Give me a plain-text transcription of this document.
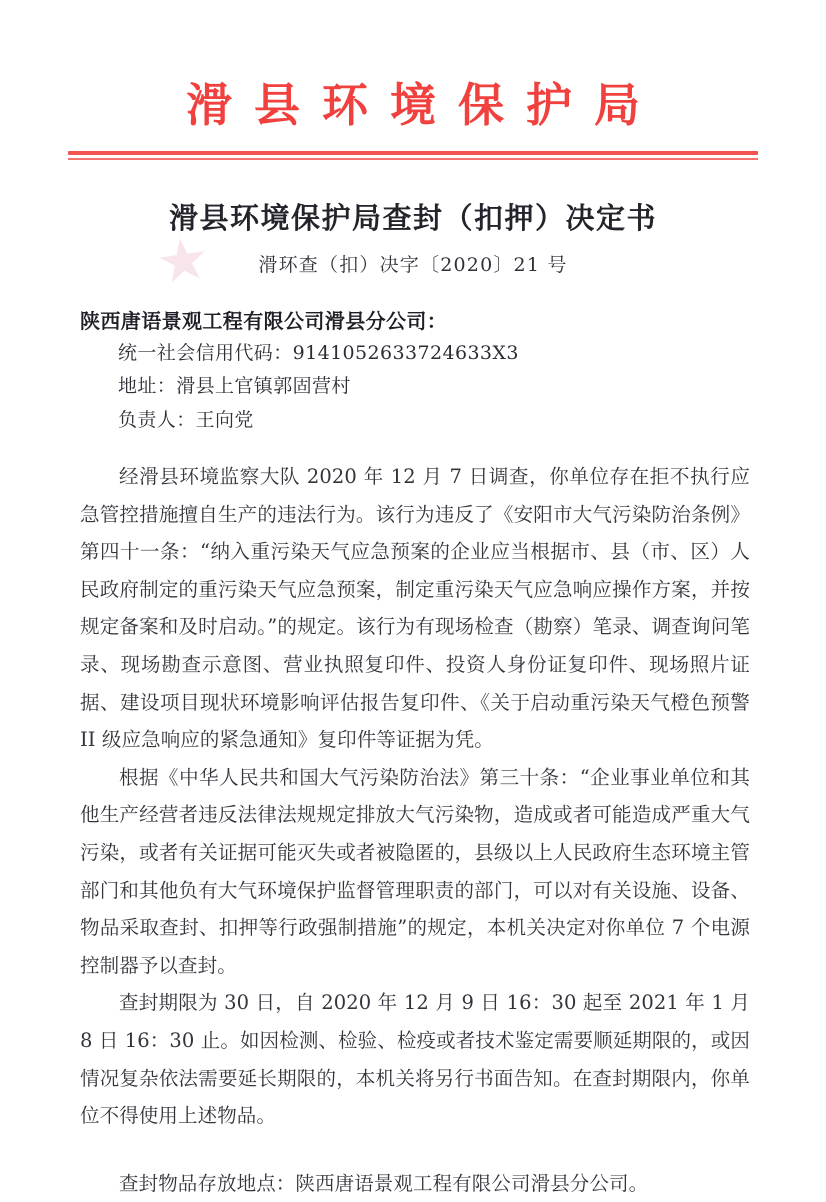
滑县环境保护局
滑县环境保护局查封（扣押）决定书
滑环查（扣）决字〔2020〕21 号
陕西唐语景观工程有限公司滑县分公司：
统一社会信用代码：9141052633724633X3
地址：滑县上官镇郭固营村
负责人：王向党

经滑县环境监察大队 2020 年 12 月 7 日调查，你单位存在拒不执行应急管控措施擅自生产的违法行为。该行为违反了《安阳市大气污染防治条例》第四十一条：“纳入重污染天气应急预案的企业应当根据市、县（市、区）人民政府制定的重污染天气应急预案，制定重污染天气应急响应操作方案，并按规定备案和及时启动。”的规定。该行为有现场检查（勘察）笔录、调查询问笔录、现场勘查示意图、营业执照复印件、投资人身份证复印件、现场照片证据、建设项目现状环境影响评估报告复印件、《关于启动重污染天气橙色预警 II 级应急响应的紧急通知》复印件等证据为凭。

根据《中华人民共和国大气污染防治法》第三十条：“企业事业单位和其他生产经营者违反法律法规规定排放大气污染物，造成或者可能造成严重大气污染，或者有关证据可能灭失或者被隐匿的，县级以上人民政府生态环境主管部门和其他负有大气环境保护监督管理职责的部门，可以对有关设施、设备、物品采取查封、扣押等行政强制措施”的规定，本机关决定对你单位 7 个电源控制器予以查封。

查封期限为 30 日，自 2020 年 12 月 9 日 16：30 起至 2021 年 1 月 8 日 16：30 止。如因检测、检验、检疫或者技术鉴定需要顺延期限的，或因情况复杂依法需要延长期限的，本机关将另行书面告知。在查封期限内，你单位不得使用上述物品。

查封物品存放地点：陕西唐语景观工程有限公司滑县分公司。
